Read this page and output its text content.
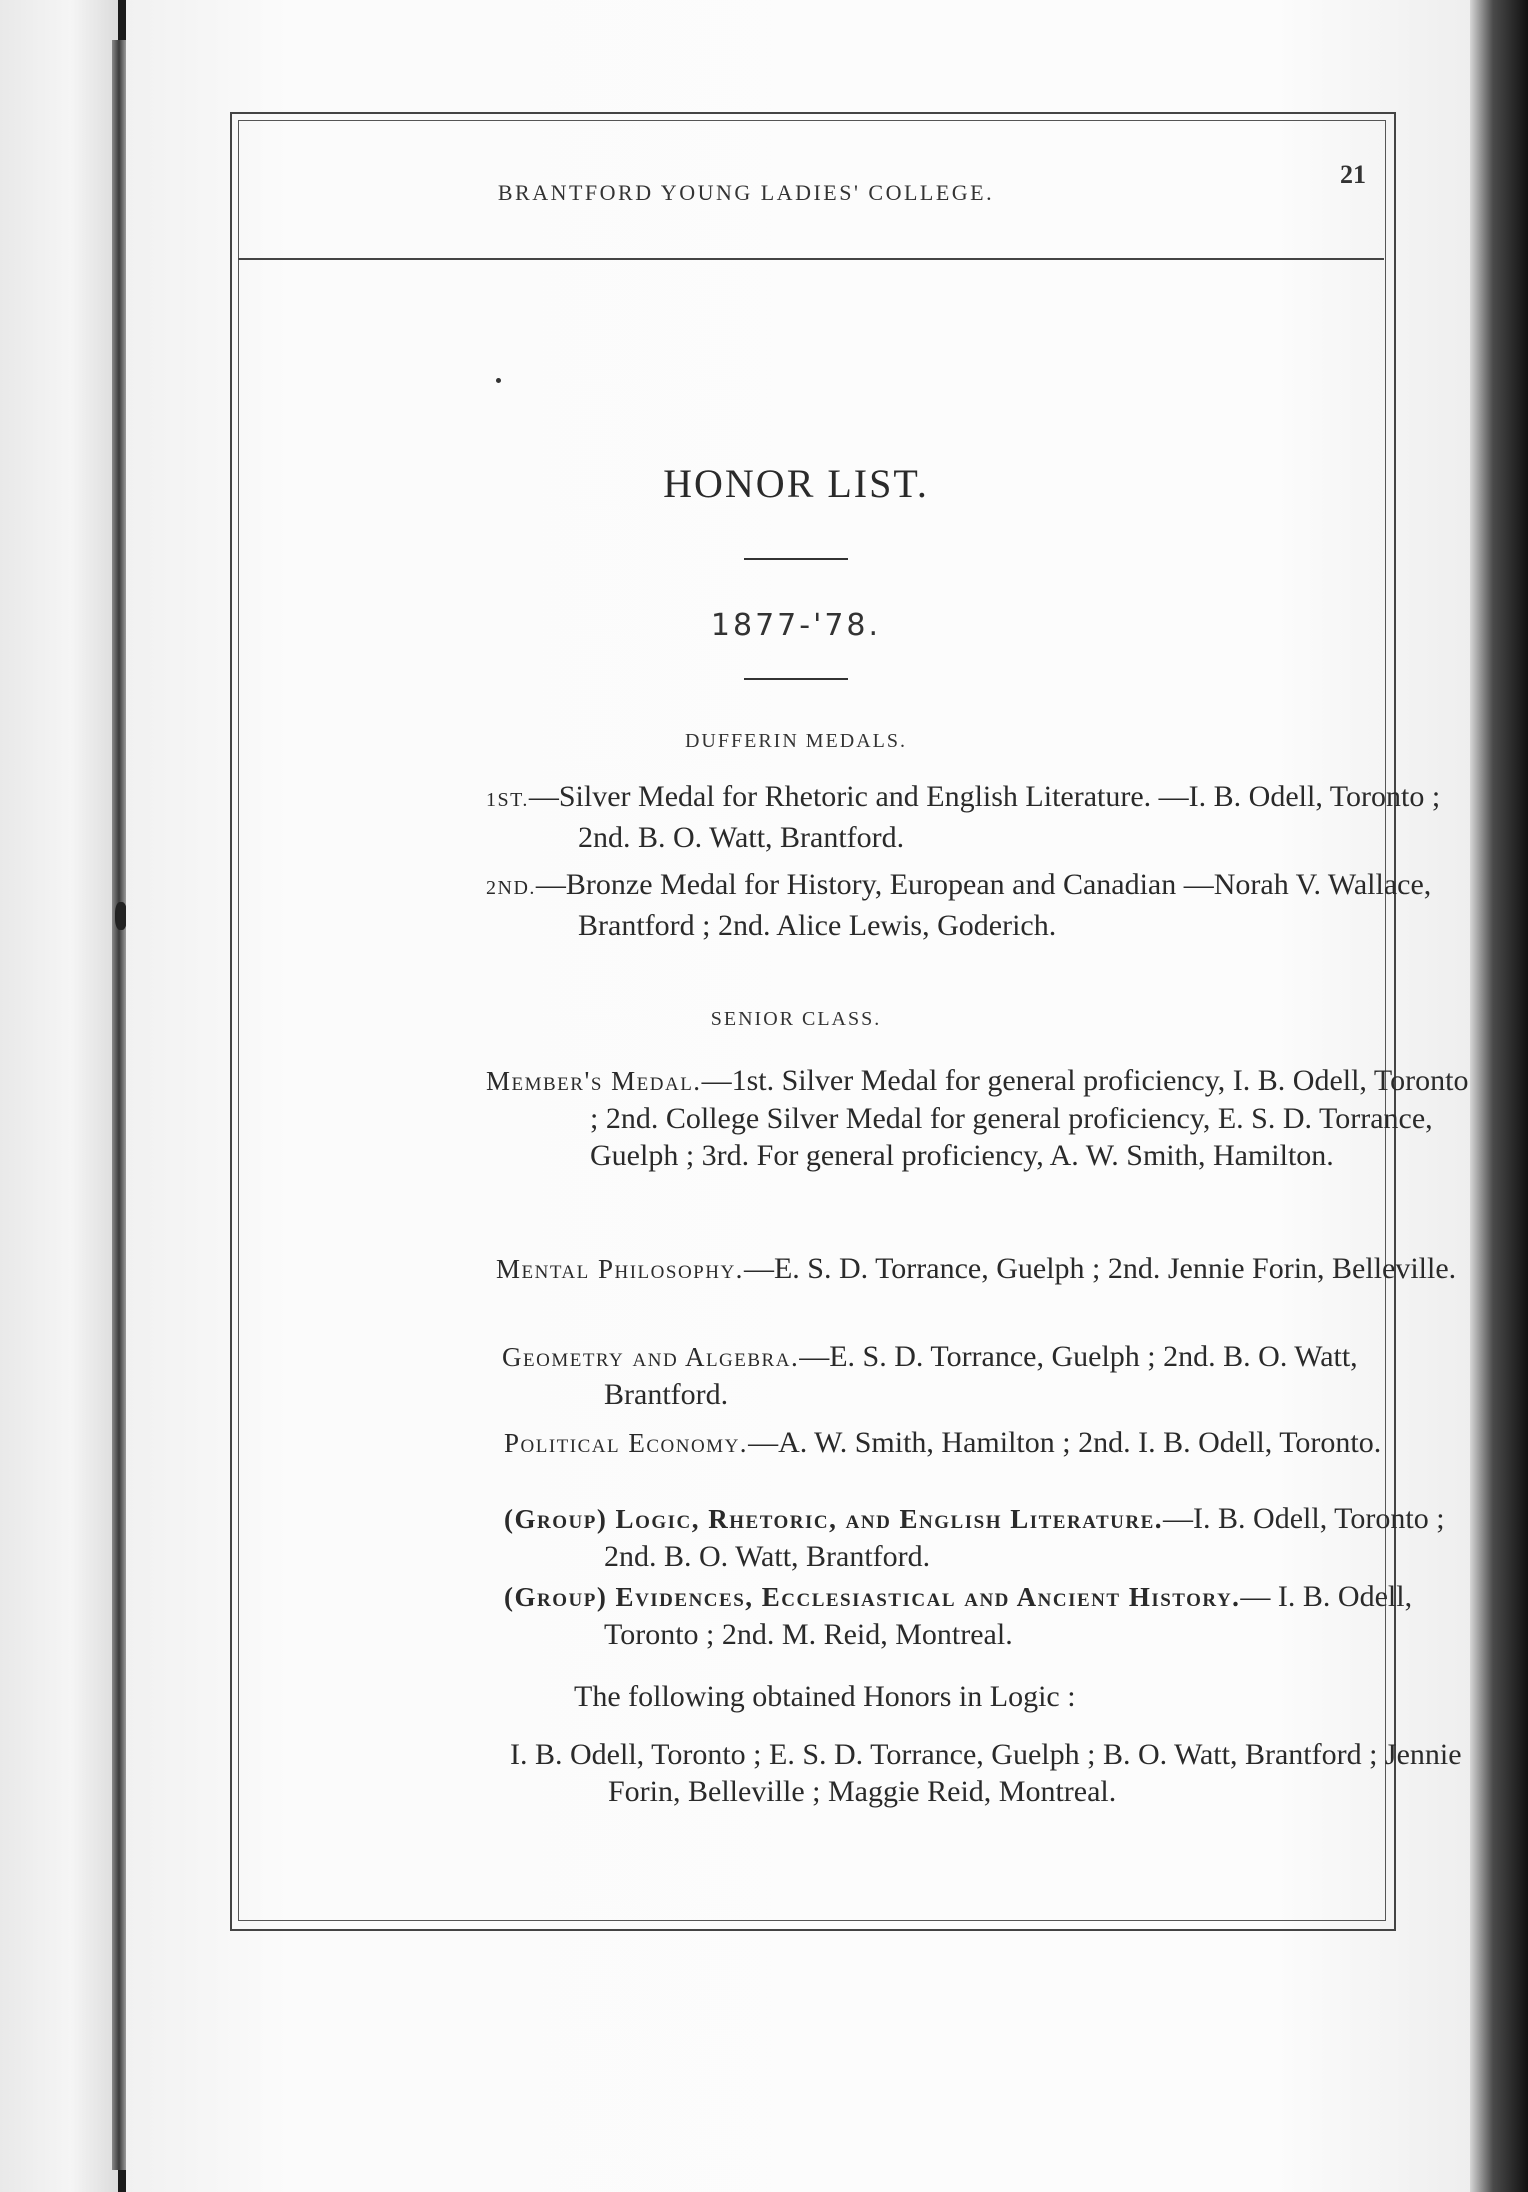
BRANTFORD YOUNG LADIES' COLLEGE.
21
HONOR LIST.
1877-'78.
DUFFERIN MEDALS.
1ST.—Silver Medal for Rhetoric and English Literature. —I. B. Odell, Toronto ; 2nd. B. O. Watt, Brantford.
2ND.—Bronze Medal for History, European and Canadian —Norah V. Wallace, Brantford ; 2nd. Alice Lewis, Goderich.
SENIOR CLASS.
Member's Medal.—1st. Silver Medal for general proficiency, I. B. Odell, Toronto ; 2nd. College Silver Medal for general proficiency, E. S. D. Torrance, Guelph ; 3rd. For general proficiency, A. W. Smith, Hamilton.
Mental Philosophy.—E. S. D. Torrance, Guelph ; 2nd. Jennie Forin, Belleville.
Geometry and Algebra.—E. S. D. Torrance, Guelph ; 2nd. B. O. Watt, Brantford.
Political Economy.—A. W. Smith, Hamilton ; 2nd. I. B. Odell, Toronto.
(Group) Logic, Rhetoric, and English Literature.—I. B. Odell, Toronto ; 2nd. B. O. Watt, Brantford.
(Group) Evidences, Ecclesiastical and Ancient History.— I. B. Odell, Toronto ; 2nd. M. Reid, Montreal.
The following obtained Honors in Logic :
I. B. Odell, Toronto ; E. S. D. Torrance, Guelph ; B. O. Watt, Brantford ; Jennie Forin, Belleville ; Maggie Reid, Montreal.
